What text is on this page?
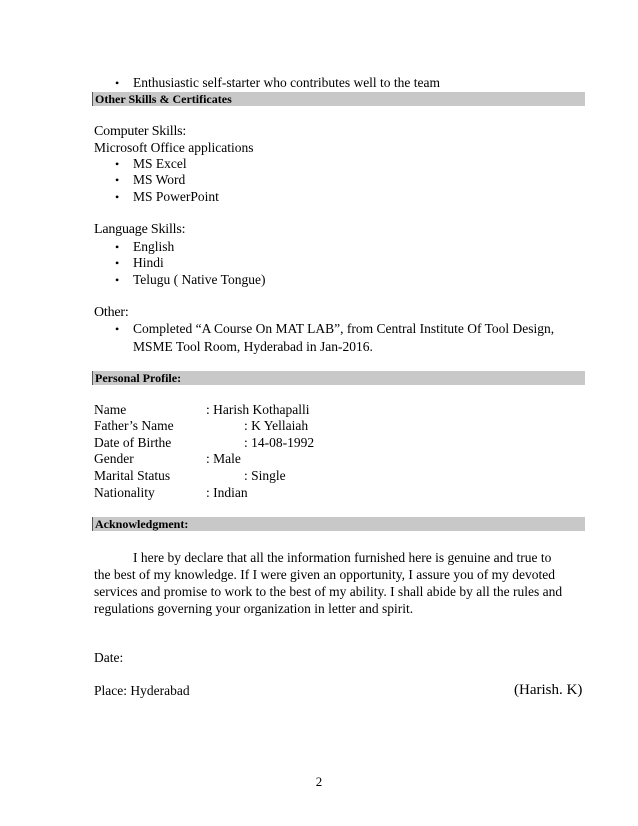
• Enthusiastic self-starter who contributes well to the team
Other Skills & Certificates
Computer Skills:
Microsoft Office applications
• MS Excel
• MS Word
• MS PowerPoint
Language Skills:
• English
• Hindi
• Telugu ( Native Tongue)
Other:
• Completed “A Course On MAT LAB”, from Central Institute Of Tool Design,
MSME Tool Room, Hyderabad in Jan-2016.
Personal Profile:
Name	: Harish Kothapalli
Father’s Name	: K Yellaiah
Date of Birthe	: 14-08-1992
Gender	: Male
Marital Status	: Single
Nationality	: Indian
Acknowledgment:
I here by declare that all the information furnished here is genuine and true to
the best of my knowledge. If I were given an opportunity, I assure you of my devoted
services and promise to work to the best of my ability. I shall abide by all the rules and
regulations governing your organization in letter and spirit.
Date:
Place: Hyderabad	(Harish. K)
2
